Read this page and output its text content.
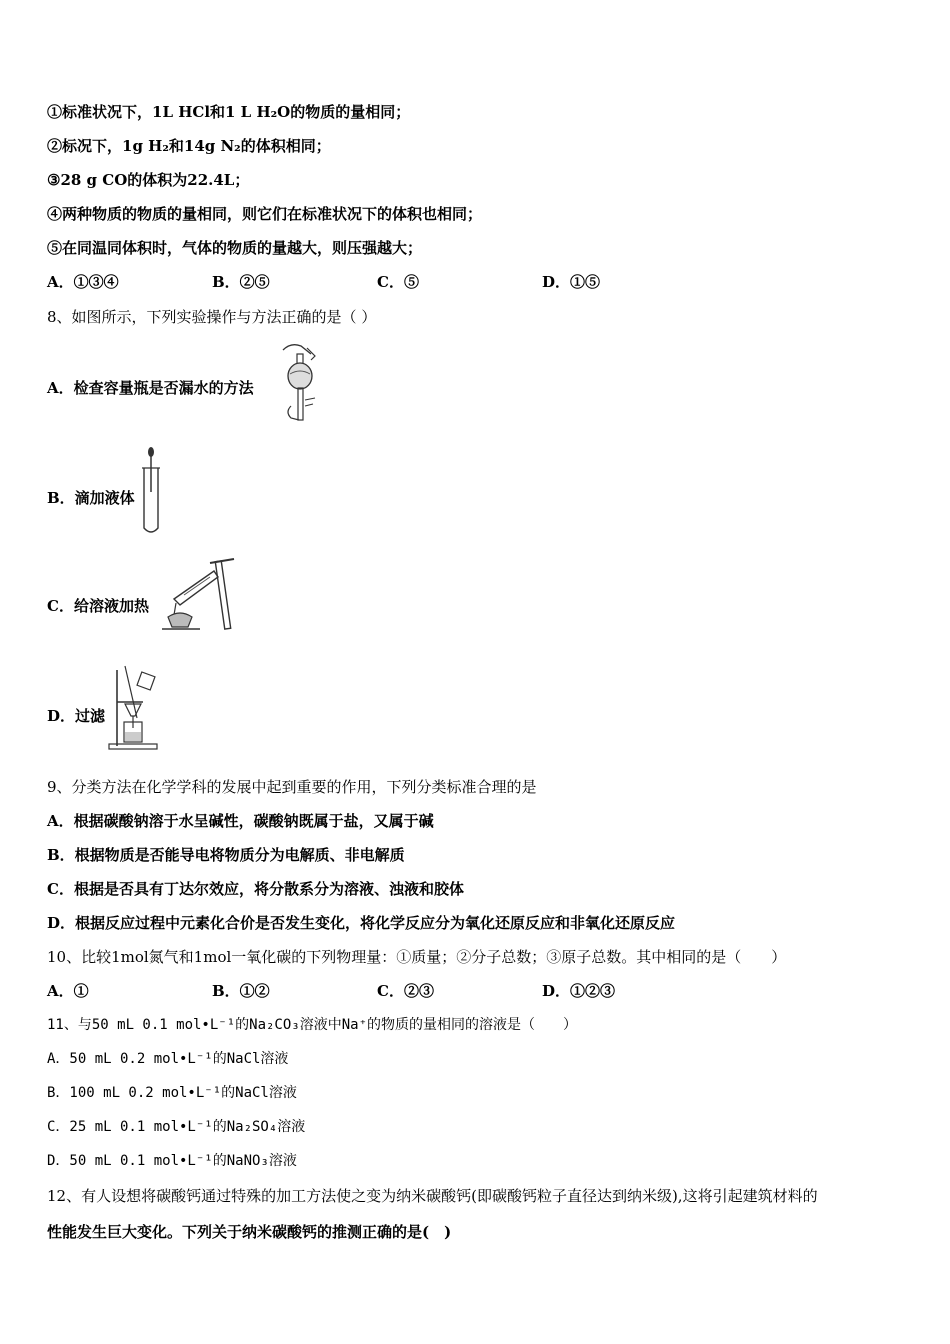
①标准状况下，1L HCl和1 L H₂O的物质的量相同；
②标况下，1g H₂和14g N₂的体积相同；
③28 g CO的体积为22.4L；
④两种物质的物质的量相同，则它们在标准状况下的体积也相同；
⑤在同温同体积时，气体的物质的量越大，则压强越大；
A．①③④	B．②⑤	C．⑤	D．①⑤
8、如图所示，下列实验操作与方法正确的是（ ）
A．检查容量瓶是否漏水的方法
B．滴加液体
C．给溶液加热
D．过滤
9、分类方法在化学学科的发展中起到重要的作用，下列分类标准合理的是
A．根据碳酸钠溶于水呈碱性，碳酸钠既属于盐，又属于碱
B．根据物质是否能导电将物质分为电解质、非电解质
C．根据是否具有丁达尔效应，将分散系分为溶液、浊液和胶体
D．根据反应过程中元素化合价是否发生变化，将化学反应分为氧化还原反应和非氧化还原反应
10、比较1mol氮气和1mol一氧化碳的下列物理量：①质量；②分子总数；③原子总数。其中相同的是（　　）
A．①	B．①②	C．②③	D．①②③
11、与50 mL 0.1 mol•L⁻¹的Na₂CO₃溶液中Na⁺的物质的量相同的溶液是（　　）
A．50 mL 0.2 mol•L⁻¹的NaCl溶液
B．100 mL 0.2 mol•L⁻¹的NaCl溶液
C．25 mL 0.1 mol•L⁻¹的Na₂SO₄溶液
D．50 mL 0.1 mol•L⁻¹的NaNO₃溶液
12、有人设想将碳酸钙通过特殊的加工方法使之变为纳米碳酸钙(即碳酸钙粒子直径达到纳米级),这将引起建筑材料的
性能发生巨大变化。下列关于纳米碳酸钙的推测正确的是(　)
